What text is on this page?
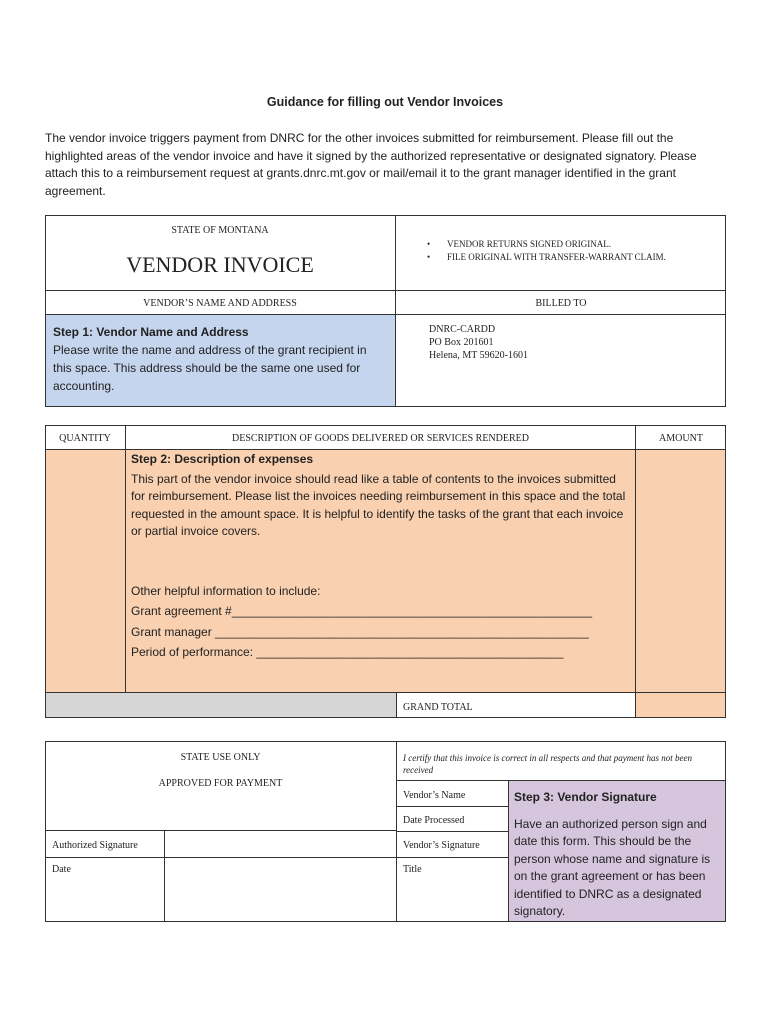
Guidance for filling out Vendor Invoices
The vendor invoice triggers payment from DNRC for the other invoices submitted for reimbursement. Please fill out the highlighted areas of the vendor invoice and have it signed by the authorized representative or designated signatory. Please attach this to a reimbursement request at grants.dnrc.mt.gov or mail/email it to the grant manager identified in the grant agreement.
STATE OF MONTANA
VENDOR INVOICE
• VENDOR RETURNS SIGNED ORIGINAL.
• FILE ORIGINAL WITH TRANSFER-WARRANT CLAIM.
VENDOR’S NAME AND ADDRESS	BILLED TO
Step 1: Vendor Name and Address
Please write the name and address of the grant recipient in this space. This address should be the same one used for accounting.
DNRC-CARDD
PO Box 201601
Helena, MT 59620-1601
QUANTITY	DESCRIPTION OF GOODS DELIVERED OR SERVICES RENDERED	AMOUNT
Step 2: Description of expenses
This part of the vendor invoice should read like a table of contents to the invoices submitted for reimbursement. Please list the invoices needing reimbursement in this space and the total requested in the amount space. It is helpful to identify the tasks of the grant that each invoice or partial invoice covers.
Other helpful information to include:
Grant agreement #______________________________________________________
Grant manager ________________________________________________________
Period of performance: ______________________________________________
GRAND TOTAL
STATE USE ONLY
APPROVED FOR PAYMENT
I certify that this invoice is correct in all respects and that payment has not been received
Vendor’s Name
Date Processed
Authorized Signature	Vendor’s Signature
Date	Title
Step 3: Vendor Signature
Have an authorized person sign and date this form. This should be the person whose name and signature is on the grant agreement or has been identified to DNRC as a designated signatory.
